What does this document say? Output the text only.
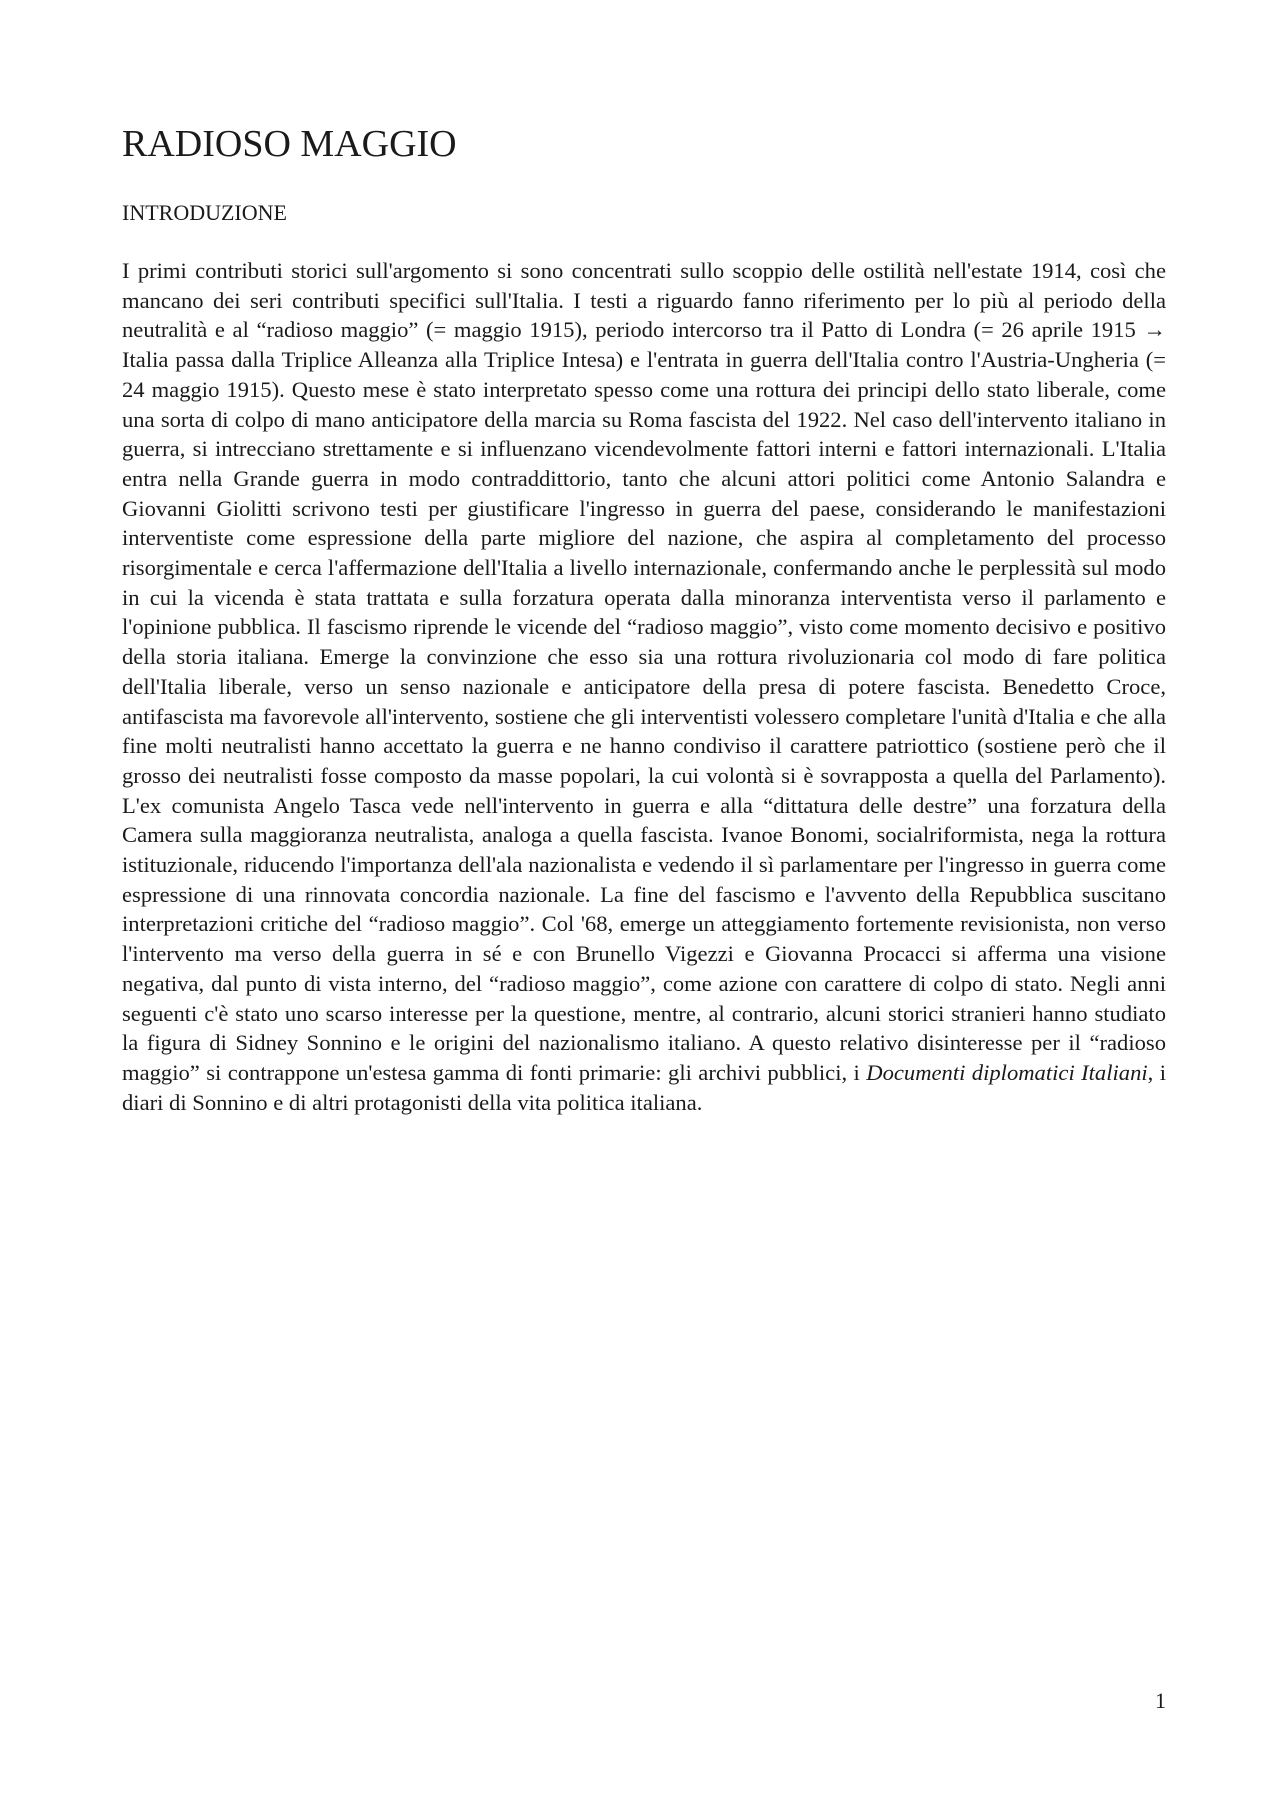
RADIOSO MAGGIO
INTRODUZIONE

I primi contributi storici sull'argomento si sono concentrati sullo scoppio delle ostilità nell'estate 1914, così che mancano dei seri contributi specifici sull'Italia. I testi a riguardo fanno riferimento per lo più al periodo della neutralità e al “radioso maggio” (= maggio 1915), periodo intercorso tra il Patto di Londra (= 26 aprile 1915 → Italia passa dalla Triplice Alleanza alla Triplice Intesa) e l'entrata in guerra dell'Italia contro l'Austria-Ungheria (= 24 maggio 1915). Questo mese è stato interpretato spesso come una rottura dei principi dello stato liberale, come una sorta di colpo di mano anticipatore della marcia su Roma fascista del 1922. Nel caso dell'intervento italiano in guerra, si intrecciano strettamente e si influenzano vicendevolmente fattori interni e fattori internazionali. L'Italia entra nella Grande guerra in modo contraddittorio, tanto che alcuni attori politici come Antonio Salandra e Giovanni Giolitti scrivono testi per giustificare l'ingresso in guerra del paese, considerando le manifestazioni interventiste come espressione della parte migliore del nazione, che aspira al completamento del processo risorgimentale e cerca l'affermazione dell'Italia a livello internazionale, confermando anche le perplessità sul modo in cui la vicenda è stata trattata e sulla forzatura operata dalla minoranza interventista verso il parlamento e l'opinione pubblica. Il fascismo riprende le vicende del “radioso maggio”, visto come momento decisivo e positivo della storia italiana. Emerge la convinzione che esso sia una rottura rivoluzionaria col modo di fare politica dell'Italia liberale, verso un senso nazionale e anticipatore della presa di potere fascista. Benedetto Croce, antifascista ma favorevole all'intervento, sostiene che gli interventisti volessero completare l'unità d'Italia e che alla fine molti neutralisti hanno accettato la guerra e ne hanno condiviso il carattere patriottico (sostiene però che il grosso dei neutralisti fosse composto da masse popolari, la cui volontà si è sovrapposta a quella del Parlamento). L'ex comunista Angelo Tasca vede nell'intervento in guerra e alla “dittatura delle destre” una forzatura della Camera sulla maggioranza neutralista, analoga a quella fascista. Ivanoe Bonomi, socialriformista, nega la rottura istituzionale, riducendo l'importanza dell'ala nazionalista e vedendo il sì parlamentare per l'ingresso in guerra come espressione di una rinnovata concordia nazionale. La fine del fascismo e l'avvento della Repubblica suscitano interpretazioni critiche del “radioso maggio”. Col '68, emerge un atteggiamento fortemente revisionista, non verso l'intervento ma verso della guerra in sé e con Brunello Vigezzi e Giovanna Procacci si afferma una visione negativa, dal punto di vista interno, del “radioso maggio”, come azione con carattere di colpo di stato. Negli anni seguenti c'è stato uno scarso interesse per la questione, mentre, al contrario, alcuni storici stranieri hanno studiato la figura di Sidney Sonnino e le origini del nazionalismo italiano. A questo relativo disinteresse per il “radioso maggio” si contrappone un'estesa gamma di fonti primarie: gli archivi pubblici, i Documenti diplomatici Italiani, i diari di Sonnino e di altri protagonisti della vita politica italiana.

1
